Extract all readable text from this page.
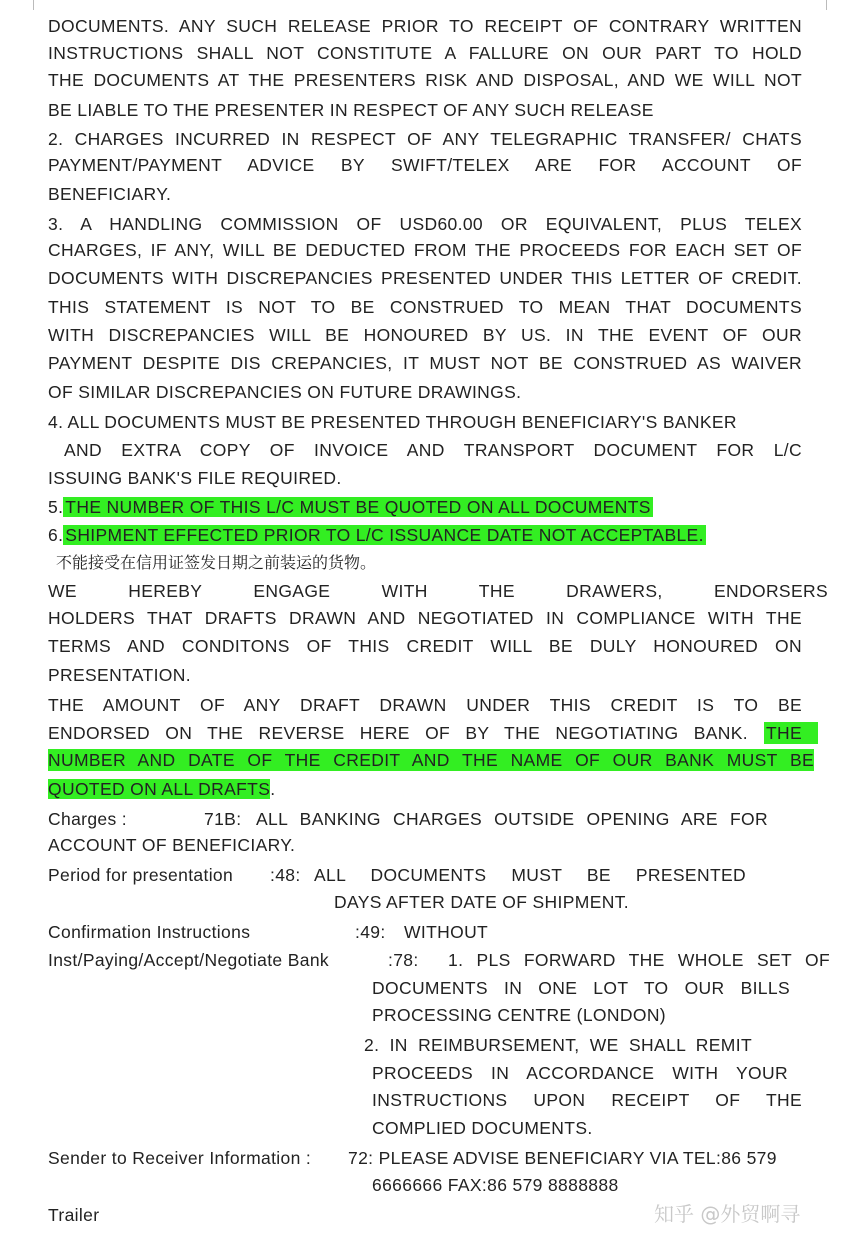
DOCUMENTS. ANY SUCH RELEASE PRIOR TO RECEIPT OF CONTRARY WRITTEN

INSTRUCTIONS SHALL NOT CONSTITUTE A FALLURE ON OUR PART TO HOLD

THE DOCUMENTS AT THE PRESENTERS RISK AND DISPOSAL, AND WE WILL NOT

BE LIABLE TO THE PRESENTER IN RESPECT OF ANY SUCH RELEASE

2. CHARGES INCURRED IN RESPECT OF ANY TELEGRAPHIC TRANSFER/ CHATS

PAYMENT/PAYMENT ADVICE BY SWIFT/TELEX ARE FOR ACCOUNT OF

BENEFICIARY.

3. A HANDLING COMMISSION OF USD60.00 OR EQUIVALENT, PLUS TELEX

CHARGES, IF ANY, WILL BE DEDUCTED FROM THE PROCEEDS FOR EACH SET OF

DOCUMENTS WITH DISCREPANCIES PRESENTED UNDER THIS LETTER OF CREDIT.

THIS STATEMENT IS NOT TO BE CONSTRUED TO MEAN THAT DOCUMENTS

WITH DISCREPANCIES WILL BE HONOURED BY US. IN THE EVENT OF OUR

PAYMENT DESPITE DIS CREPANCIES, IT MUST NOT BE CONSTRUED AS WAIVER

OF SIMILAR DISCREPANCIES ON FUTURE DRAWINGS.

4. ALL DOCUMENTS MUST BE PRESENTED THROUGH BENEFICIARY'S BANKER

AND EXTRA COPY OF INVOICE AND TRANSPORT DOCUMENT FOR L/C

ISSUING BANK'S FILE REQUIRED.

5. THE NUMBER OF THIS L/C MUST BE QUOTED ON ALL DOCUMENTS

6. SHIPMENT EFFECTED PRIOR TO L/C ISSUANCE DATE NOT ACCEPTABLE.

不能接受在信用证签发日期之前装运的货物。

WE HEREBY ENGAGE WITH THE DRAWERS, ENDORSERS

HOLDERS THAT DRAFTS DRAWN AND NEGOTIATED IN COMPLIANCE WITH THE

TERMS AND CONDITONS OF THIS CREDIT WILL BE DULY HONOURED ON

PRESENTATION.

THE AMOUNT OF ANY DRAFT DRAWN UNDER THIS CREDIT IS TO BE

ENDORSED ON THE REVERSE HERE OF BY THE NEGOTIATING BANK. THE

NUMBER AND DATE OF THE CREDIT AND THE NAME OF OUR BANK MUST BE

QUOTED ON ALL DRAFTS.

Charges :	71B: ALL BANKING CHARGES OUTSIDE OPENING ARE FOR
ACCOUNT OF BENEFICIARY.
Period for presentation :48: ALL DOCUMENTS MUST BE PRESENTED
DAYS AFTER DATE OF SHIPMENT.
Confirmation Instructions	:49: WITHOUT
Inst/Paying/Accept/Negotiate Bank	:78: 1. PLS FORWARD THE WHOLE SET OF
DOCUMENTS IN ONE LOT TO OUR BILLS
PROCESSING CENTRE (LONDON)
2. IN REIMBURSEMENT, WE SHALL REMIT
PROCEEDS IN ACCORDANCE WITH YOUR
INSTRUCTIONS UPON RECEIPT OF THE
COMPLIED DOCUMENTS.
Sender to Receiver Information : 72: PLEASE ADVISE BENEFICIARY VIA TEL:86 579
6666666 FAX:86 579 8888888
Trailer	知乎 @外贸啊寻
